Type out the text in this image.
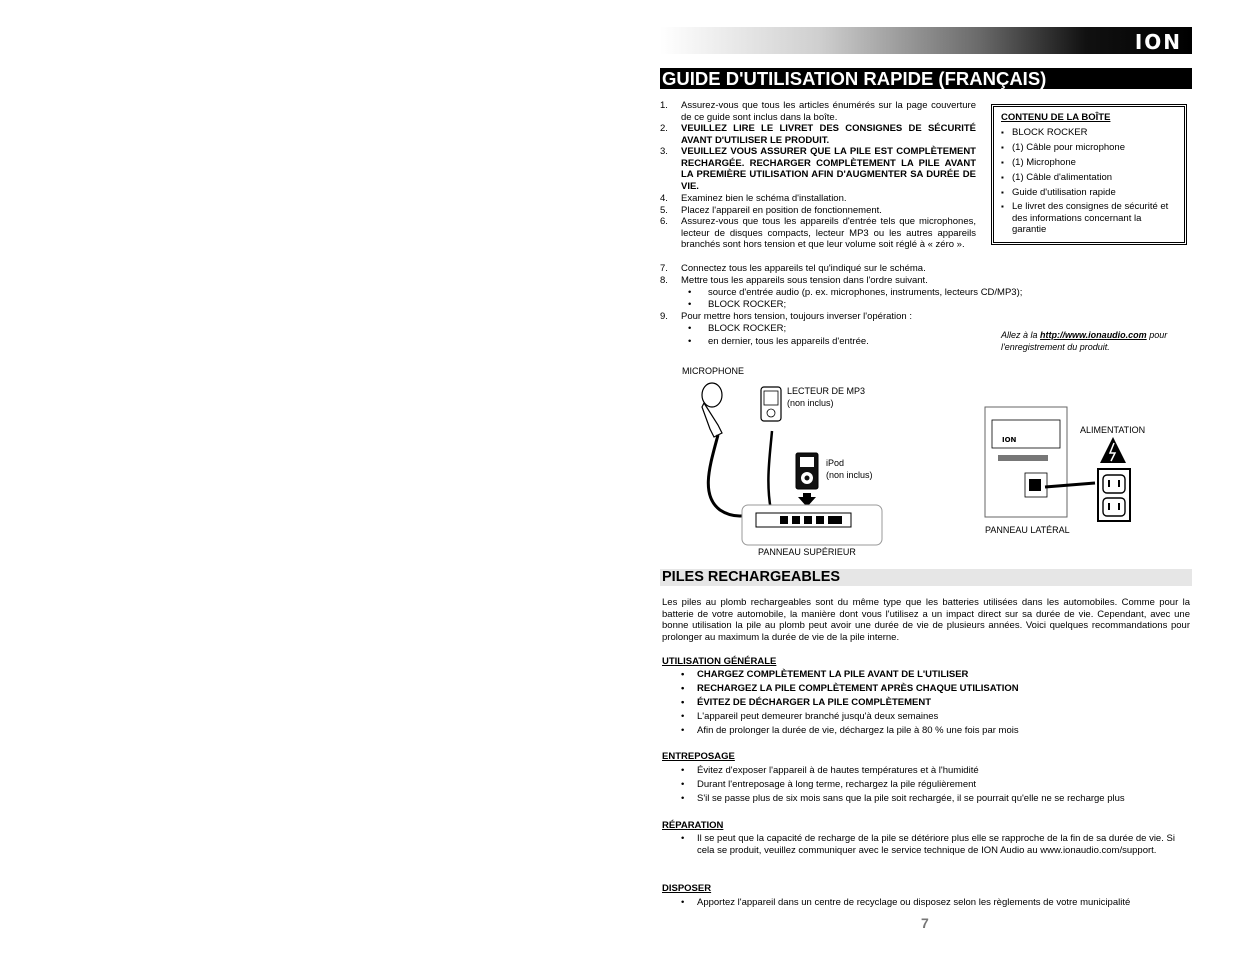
ION
GUIDE D'UTILISATION RAPIDE (FRANÇAIS)
1. Assurez-vous que tous les articles énumérés sur la page couverture de ce guide sont inclus dans la boîte.
2. VEUILLEZ LIRE LE LIVRET DES CONSIGNES DE SÉCURITÉ AVANT D'UTILISER LE PRODUIT.
3. VEUILLEZ VOUS ASSURER QUE LA PILE EST COMPLÈTEMENT RECHARGÉE. RECHARGER COMPLÈTEMENT LA PILE AVANT LA PREMIÈRE UTILISATION AFIN D'AUGMENTER SA DURÉE DE VIE.
4. Examinez bien le schéma d'installation.
5. Placez l'appareil en position de fonctionnement.
6. Assurez-vous que tous les appareils d'entrée tels que microphones, lecteur de disques compacts, lecteur MP3 ou les autres appareils branchés sont hors tension et que leur volume soit réglé à « zéro ».
7. Connectez tous les appareils tel qu'indiqué sur le schéma.
8. Mettre tous les appareils sous tension dans l'ordre suivant.
• source d'entrée audio (p. ex. microphones, instruments, lecteurs CD/MP3);
• BLOCK ROCKER;
9. Pour mettre hors tension, toujours inverser l'opération :
• BLOCK ROCKER;
• en dernier, tous les appareils d'entrée.
CONTENU DE LA BOÎTE
▪ BLOCK ROCKER
▪ (1) Câble pour microphone
▪ (1) Microphone
▪ (1) Câble d'alimentation
▪ Guide d'utilisation rapide
▪ Le livret des consignes de sécurité et des informations concernant la garantie
Allez à la http://www.ionaudio.com pour l'enregistrement du produit.
MICROPHONE
LECTEUR DE MP3
(non inclus)
iPod
(non inclus)
PANNEAU SUPÉRIEUR
ALIMENTATION
PANNEAU LATÉRAL
ION
PILES RECHARGEABLES
Les piles au plomb rechargeables sont du même type que les batteries utilisées dans les automobiles. Comme pour la batterie de votre automobile, la manière dont vous l'utilisez a un impact direct sur sa durée de vie. Cependant, avec une bonne utilisation la pile au plomb peut avoir une durée de vie de plusieurs années. Voici quelques recommandations pour prolonger au maximum la durée de vie de la pile interne.
UTILISATION GÉNÉRALE
• CHARGEZ COMPLÈTEMENT LA PILE AVANT DE L'UTILISER
• RECHARGEZ LA PILE COMPLÈTEMENT APRÈS CHAQUE UTILISATION
• ÉVITEZ DE DÉCHARGER LA PILE COMPLÈTEMENT
• L'appareil peut demeurer branché jusqu'à deux semaines
• Afin de prolonger la durée de vie, déchargez la pile à 80 % une fois par mois
ENTREPOSAGE
• Évitez d'exposer l'appareil à de hautes températures et à l'humidité
• Durant l'entreposage à long terme, rechargez la pile régulièrement
• S'il se passe plus de six mois sans que la pile soit rechargée, il se pourrait qu'elle ne se recharge plus
RÉPARATION
• Il se peut que la capacité de recharge de la pile se détériore plus elle se rapproche de la fin de sa durée de vie. Si cela se produit, veuillez communiquer avec le service technique de ION Audio au www.ionaudio.com/support.
DISPOSER
• Apportez l'appareil dans un centre de recyclage ou disposez selon les règlements de votre municipalité
7
